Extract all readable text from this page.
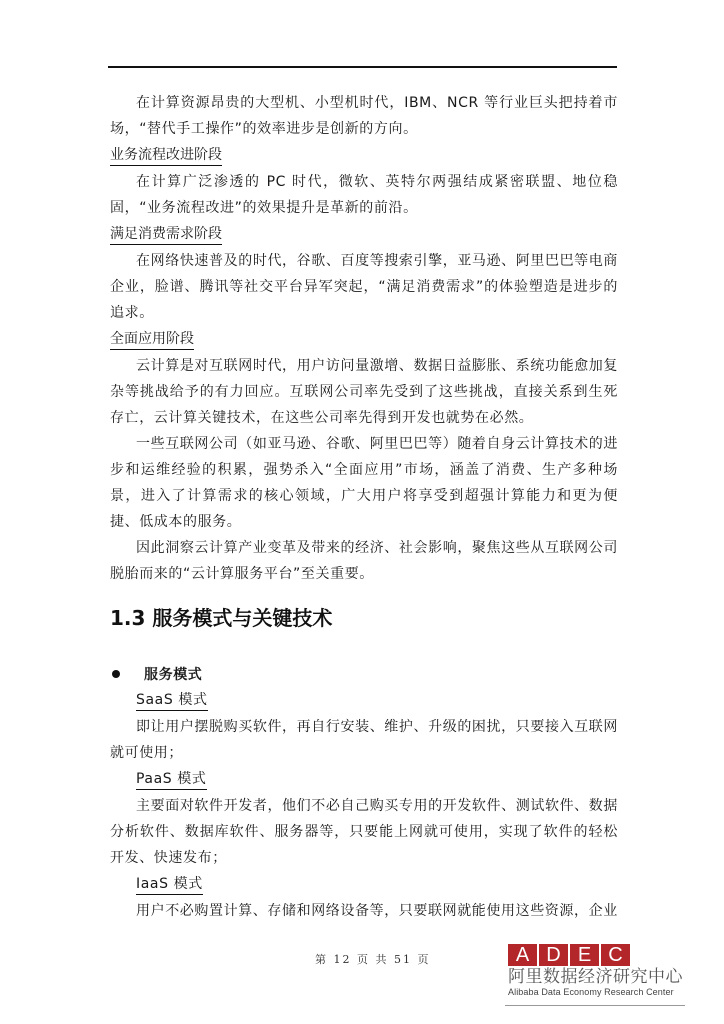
在计算资源昂贵的大型机、小型机时代，IBM、NCR 等行业巨头把持着市场，“替代手工操作”的效率进步是创新的方向。

业务流程改进阶段

在计算广泛渗透的 PC 时代，微软、英特尔两强结成紧密联盟、地位稳固，“业务流程改进”的效果提升是革新的前沿。

满足消费需求阶段

在网络快速普及的时代，谷歌、百度等搜索引擎，亚马逊、阿里巴巴等电商企业，脸谱、腾讯等社交平台异军突起，“满足消费需求”的体验塑造是进步的追求。

全面应用阶段

云计算是对互联网时代，用户访问量激增、数据日益膨胀、系统功能愈加复杂等挑战给予的有力回应。互联网公司率先受到了这些挑战，直接关系到生死存亡，云计算关键技术，在这些公司率先得到开发也就势在必然。

一些互联网公司（如亚马逊、谷歌、阿里巴巴等）随着自身云计算技术的进步和运维经验的积累，强势杀入“全面应用”市场，涵盖了消费、生产多种场景，进入了计算需求的核心领域，广大用户将享受到超强计算能力和更为便捷、低成本的服务。

因此洞察云计算产业变革及带来的经济、社会影响，聚焦这些从互联网公司脱胎而来的“云计算服务平台”至关重要。

1.3 服务模式与关键技术
服务模式
SaaS 模式

即让用户摆脱购买软件，再自行安装、维护、升级的困扰，只要接入互联网就可使用；

PaaS 模式

主要面对软件开发者，他们不必自己购买专用的开发软件、测试软件、数据分析软件、数据库软件、服务器等，只要能上网就可使用，实现了软件的轻松开发、快速发布；

IaaS 模式

用户不必购置计算、存储和网络设备等，只要联网就能使用这些资源，企业

第 12 页 共 51 页	A D E C
阿里数据经济研究中心
Alibaba Data Economy Research Center
